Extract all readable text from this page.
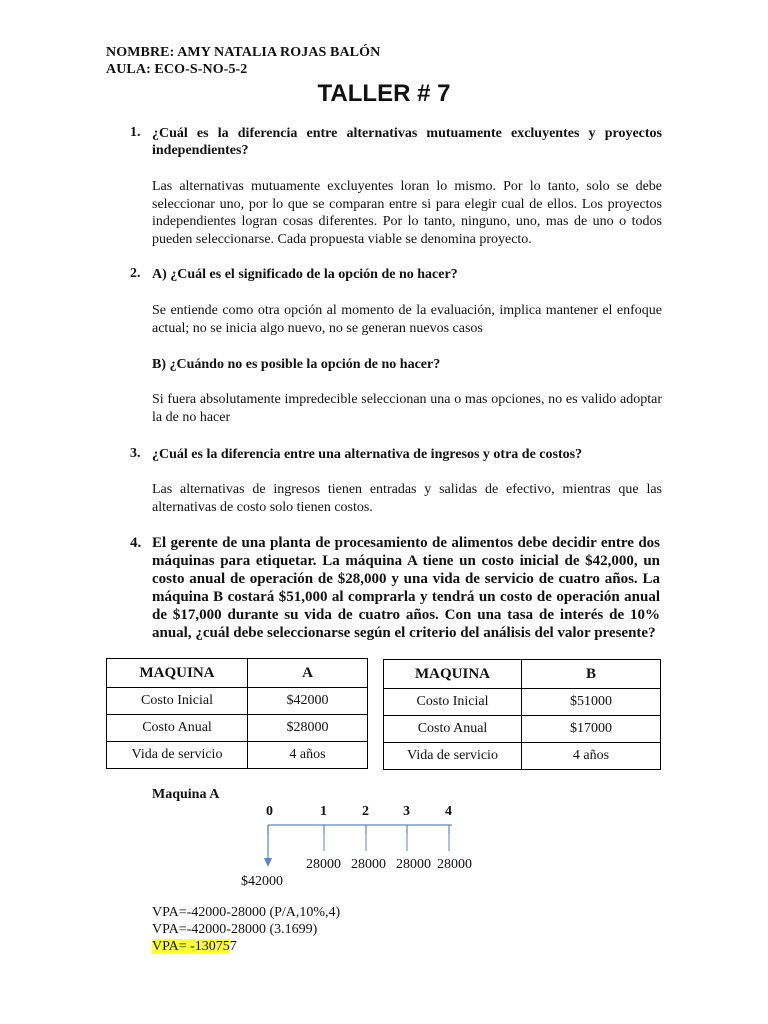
NOMBRE: AMY NATALIA ROJAS BALÓN
AULA: ECO-S-NO-5-2
TALLER # 7
1. ¿Cuál es la diferencia entre alternativas mutuamente excluyentes y proyectos independientes?
Las alternativas mutuamente excluyentes loran lo mismo. Por lo tanto, solo se debe seleccionar uno, por lo que se comparan entre si para elegir cual de ellos. Los proyectos independientes logran cosas diferentes. Por lo tanto, ninguno, uno, mas de uno o todos pueden seleccionarse. Cada propuesta viable se denomina proyecto.
2. A) ¿Cuál es el significado de la opción de no hacer?
Se entiende como otra opción al momento de la evaluación, implica mantener el enfoque actual; no se inicia algo nuevo, no se generan nuevos casos
B) ¿Cuándo no es posible la opción de no hacer?
Si fuera absolutamente impredecible seleccionan una o mas opciones, no es valido adoptar la de no hacer
3. ¿Cuál es la diferencia entre una alternativa de ingresos y otra de costos?
Las alternativas de ingresos tienen entradas y salidas de efectivo, mientras que las alternativas de costo solo tienen costos.
4. El gerente de una planta de procesamiento de alimentos debe decidir entre dos máquinas para etiquetar. La máquina A tiene un costo inicial de $42,000, un costo anual de operación de $28,000 y una vida de servicio de cuatro años. La máquina B costará $51,000 al comprarla y tendrá un costo de operación anual de $17,000 durante su vida de cuatro años. Con una tasa de interés de 10% anual, ¿cuál debe seleccionarse según el criterio del análisis del valor presente?
MAQUINA	A
Costo Inicial	$42000
Costo Anual	$28000
Vida de servicio	4 años
MAQUINA	B
Costo Inicial	$51000
Costo Anual	$17000
Vida de servicio	4 años
Maquina A
0	1	2 3	4
28000 28000 28000 28000
$42000
VPA=-42000-28000 (P/A,10%,4)
VPA=-42000-28000 (3.1699)
VPA= -130757
